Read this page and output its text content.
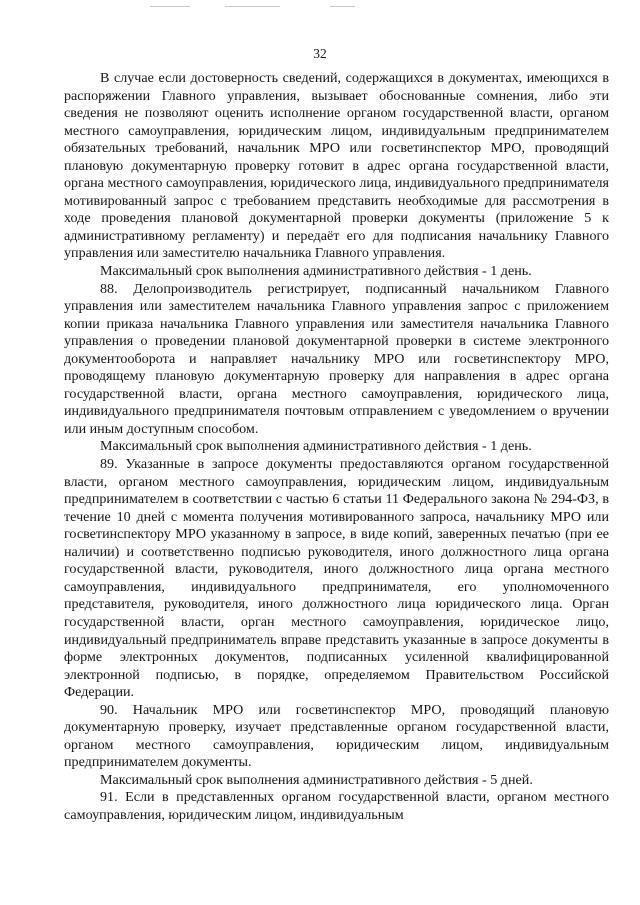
32

В случае если достоверность сведений, содержащихся в документах, имеющихся в распоряжении Главного управления, вызывает обоснованные сомнения, либо эти сведения не позволяют оценить исполнение органом государственной власти, органом местного самоуправления, юридическим лицом, индивидуальным предпринимателем обязательных требований, начальник МРО или госветинспектор МРО, проводящий плановую документарную проверку готовит в адрес органа государственной власти, органа местного самоуправления, юридического лица, индивидуального предпринимателя мотивированный запрос с требованием представить необходимые для рассмотрения в ходе проведения плановой документарной проверки документы (приложение 5 к административному регламенту) и передаёт его для подписания начальнику Главного управления или заместителю начальника Главного управления.

Максимальный срок выполнения административного действия - 1 день.

88. Делопроизводитель регистрирует, подписанный начальником Главного управления или заместителем начальника Главного управления запрос с приложением копии приказа начальника Главного управления или заместителя начальника Главного управления о проведении плановой документарной проверки в системе электронного документооборота и направляет начальнику МРО или госветинспектору МРО, проводящему плановую документарную проверку для направления в адрес органа государственной власти, органа местного самоуправления, юридического лица, индивидуального предпринимателя почтовым отправлением с уведомлением о вручении или иным доступным способом.

Максимальный срок выполнения административного действия - 1 день.

89. Указанные в запросе документы предоставляются органом государственной власти, органом местного самоуправления, юридическим лицом, индивидуальным предпринимателем в соответствии с частью 6 статьи 11 Федерального закона № 294-ФЗ, в течение 10 дней с момента получения мотивированного запроса, начальнику МРО или госветинспектору МРО указанному в запросе, в виде копий, заверенных печатью (при ее наличии) и соответственно подписью руководителя, иного должностного лица органа государственной власти, руководителя, иного должностного лица органа местного самоуправления, индивидуального предпринимателя, его уполномоченного представителя, руководителя, иного должностного лица юридического лица. Орган государственной власти, орган местного самоуправления, юридическое лицо, индивидуальный предприниматель вправе представить указанные в запросе документы в форме электронных документов, подписанных усиленной квалифицированной электронной подписью, в порядке, определяемом Правительством Российской Федерации.

90. Начальник МРО или госветинспектор МРО, проводящий плановую документарную проверку, изучает представленные органом государственной власти, органом местного самоуправления, юридическим лицом, индивидуальным предпринимателем документы.

Максимальный срок выполнения административного действия - 5 дней.

91. Если в представленных органом государственной власти, органом местного самоуправления, юридическим лицом, индивидуальным
